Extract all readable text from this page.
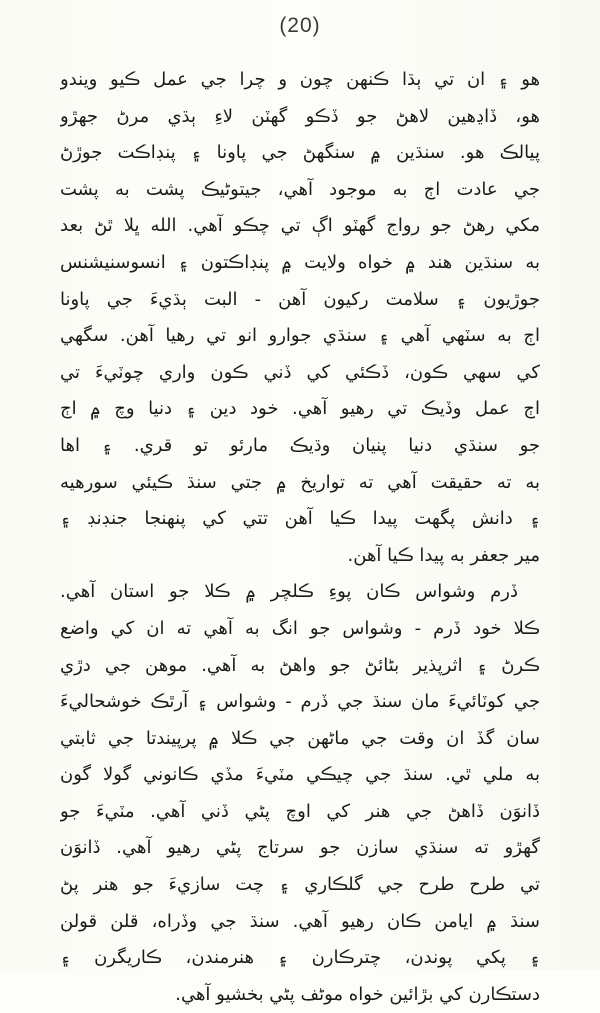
(20)
هو ۽ ان تي ٻڌا ڪنهن چون و چرا جي عمل ڪيو ويندو
هو، ڏاڍهين لاهڻ جو ڏڪو گهٽن لاءِ ٻڌي مرڻ جهڙو
پيالڪ هو. سنڌين ۾ سنگهڻ جي پاونا ۽ پنڊاڪت جوڙڻ
جي عادت اڄ به موجود آهي، جيتوڻيڪ پشت به پشت
مکي رهڻ جو رواج گهٽو اڳ تي چڪو آهي. الله ڀلا ٿڻ بعد
به سنڌين هند ۾ خواه ولايت ۾ پنڊاڪتون ۽ انسوسنيشنس
جوڙيون ۽ سلامت رکيون آهن - البت ٻڌيءَ جي پاونا
اڄ به سٽهي آهي ۽ سنڌي جوارو انو تي رهيا آهن. سگهي
کي سهي ڪون، ڏڪئي کي ڏني ڪون واري چوٽيءَ تي
اڄ عمل وڏيڪ تي رهيو آهي. خود دين ۽ دنيا وچ ۾ اڄ
جو سنڌي دنيا پنيان وڌيڪ مارئو تو قري. ۽ اها
به ته حقيقت آهي ته تواريخ ۾ جتي سنڌ ڪيئي سورهيه
۽ دانش پگهت پيدا ڪيا آهن تتي کي پنهنجا جنڊنڊ ۽
مير جعفر به پيدا ڪيا آهن.
ڏرم وشواس ڪان پوءِ ڪلچر ۾ ڪلا جو استان آهي.
ڪلا خود ڏرم - وشواس جو انگ به آهي ته ان کي واضع
ڪرڻ ۽ اثرپذير بڻائڻ جو واهڻ به آهي. موهن جي دڙي
جي کوٽائيءَ مان سنڌ جي ڏرم - وشواس ۽ آرٿڪ خوشحاليءَ
سان گڏ ان وقت جي ماڻهن جي ڪلا ۾ پرپيندتا جي ثابتي
به ملي ٿي. سنڌ جي چيڪي مٽيءَ مڏي ڪانوني گولا گون
ڏانوَن ڏاهڻ جي هنر کي اوچ پڻي ڏني آهي. مٽيءَ جو
گهڙو ته سنڌي سازن جو سرتاج پڻي رهيو آهي. ڏانوَن
تي طرح طرح جي گلڪاري ۽ چت سازيءَ جو هنر پڻ
سنڌ ۾ ايامن ڪان رهيو آهي. سنڌ جي وڏراه، قلن قولن
۽ پکي پوندن، چترڪارن ۽ هنرمندن، ڪاريگرن ۽
دستڪارن کي بڙائين خواه موڻف پڻي بخشيو آهي.
